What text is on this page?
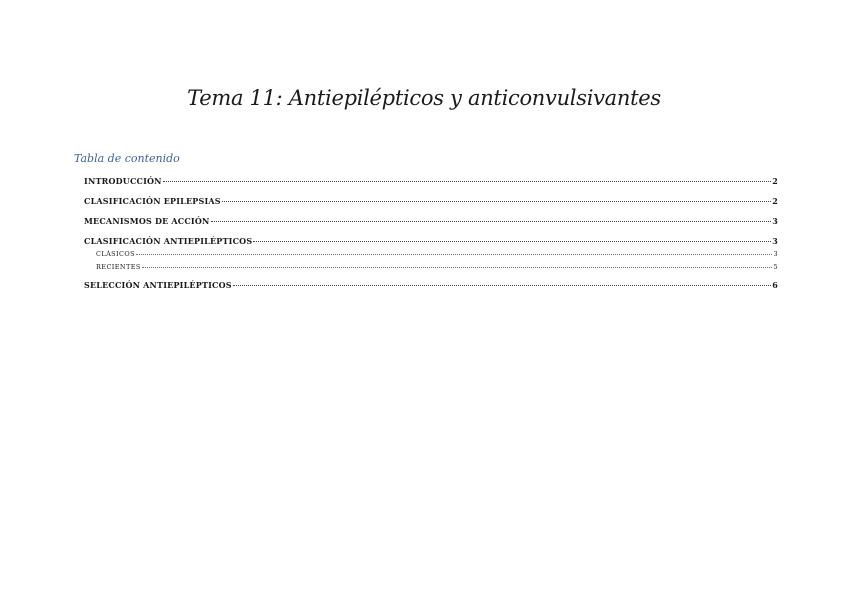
Tema 11: Antiepilépticos y anticonvulsivantes
Tabla de contenido
INTRODUCCIÓN	2
CLASIFICACIÓN EPILEPSIAS	2
MECANISMOS DE ACCIÓN	3
CLASIFICACIÓN ANTIEPILÉPTICOS	3
CLÁSICOS	3
RECIENTES	5
SELECCIÓN ANTIEPILÉPTICOS	6
